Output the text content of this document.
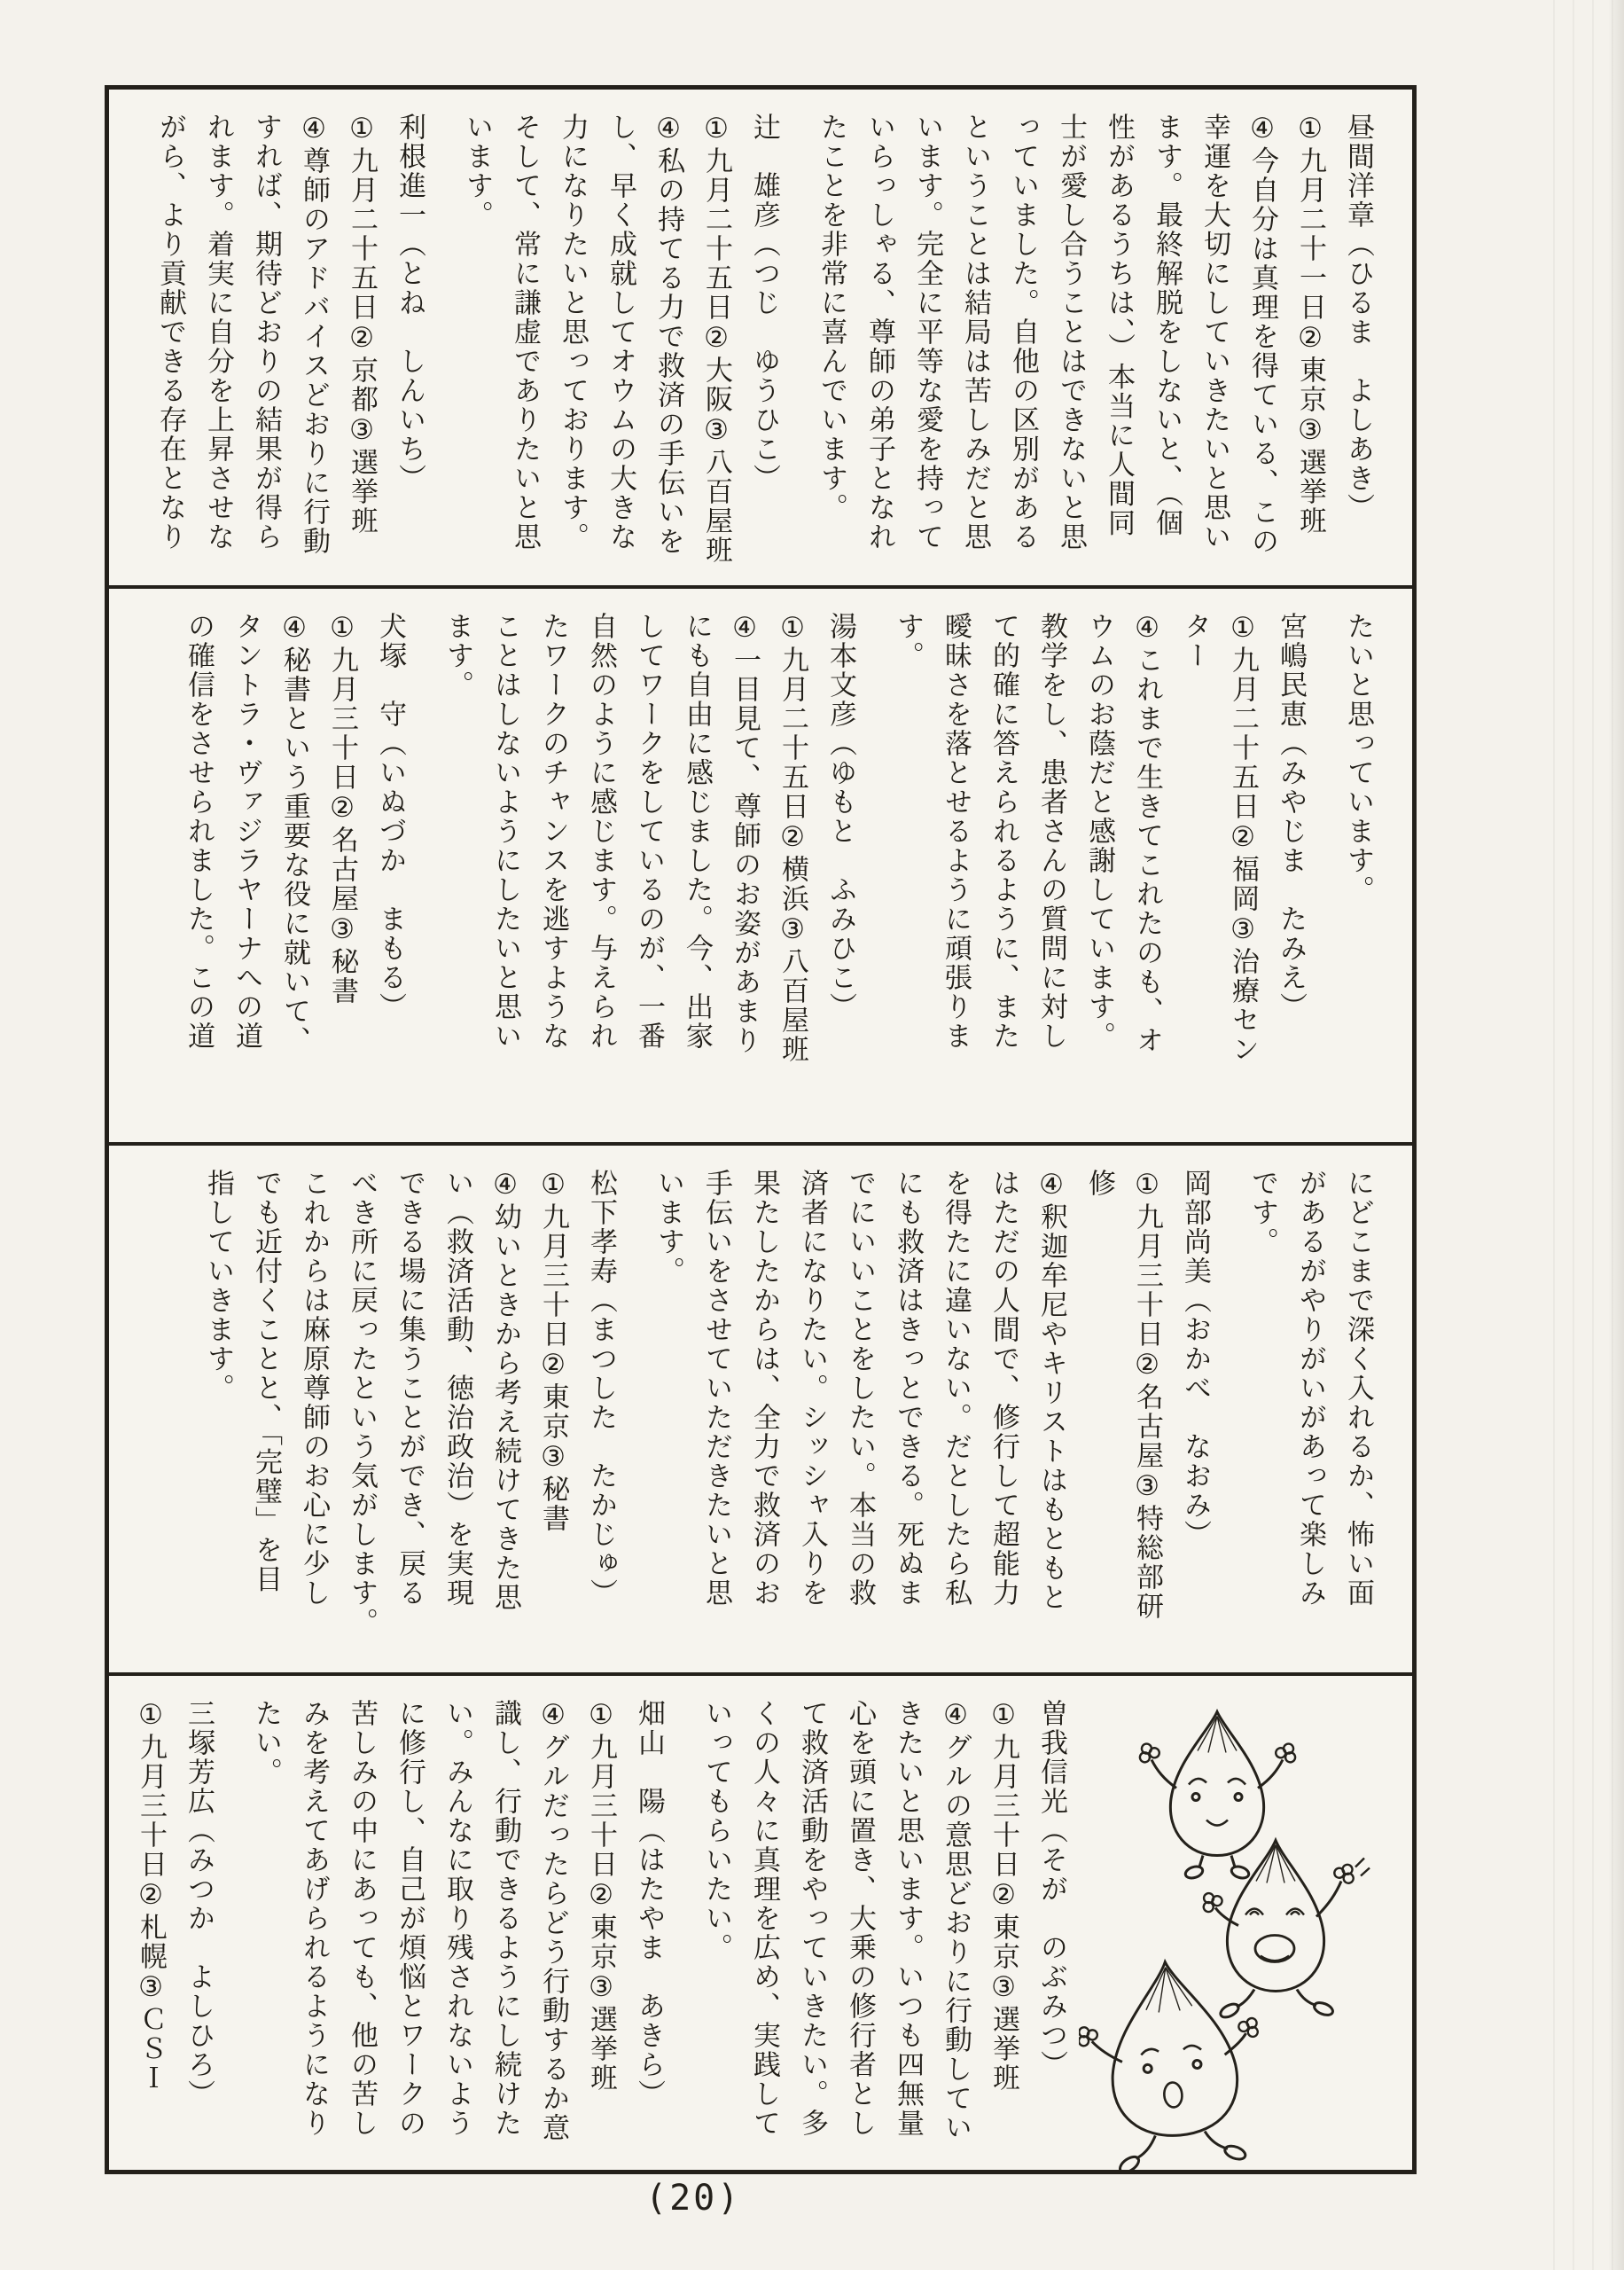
昼間洋章（ひるま　よしあき）
①九月二十一日②東京③選挙班
④今自分は真理を得ている、この
幸運を大切にしていきたいと思い
ます。最終解脱をしないと、（個
性があるうちは、）本当に人間同
士が愛し合うことはできないと思
っていました。自他の区別がある
ということは結局は苦しみだと思
います。完全に平等な愛を持って
いらっしゃる、尊師の弟子となれ
たことを非常に喜んでいます。
辻　雄彦（つじ　ゆうひこ）
①九月二十五日②大阪③八百屋班
④私の持てる力で救済の手伝いを
し、早く成就してオウムの大きな
力になりたいと思っております。
そして、常に謙虚でありたいと思
います。
利根進一（とね　しんいち）
①九月二十五日②京都③選挙班
④尊師のアドバイスどおりに行動
すれば、期待どおりの結果が得ら
れます。着実に自分を上昇させな
がら、より貢献できる存在となり
たいと思っています。
宮嶋民恵（みやじま　たみえ）
①九月二十五日②福岡③治療セン
ター
④これまで生きてこれたのも、オ
ウムのお蔭だと感謝しています。
教学をし、患者さんの質問に対し
て的確に答えられるように、また
曖昧さを落とせるように頑張りま
す。
湯本文彦（ゆもと　ふみひこ）
①九月二十五日②横浜③八百屋班
④一目見て、尊師のお姿があまり
にも自由に感じました。今、出家
してワークをしているのが、一番
自然のように感じます。与えられ
たワークのチャンスを逃すような
ことはしないようにしたいと思い
ます。
犬塚　守（いぬづか　まもる）
①九月三十日②名古屋③秘書
④秘書という重要な役に就いて、
タントラ・ヴァジラヤーナへの道
の確信をさせられました。この道
にどこまで深く入れるか、怖い面
があるがやりがいがあって楽しみ
です。
岡部尚美（おかべ　なおみ）
①九月三十日②名古屋③特総部研
修
④釈迦牟尼やキリストはもともと
はただの人間で、修行して超能力
を得たに違いない。だとしたら私
にも救済はきっとできる。死ぬま
でにいいことをしたい。本当の救
済者になりたい。シッシャ入りを
果たしたからは、全力で救済のお
手伝いをさせていただきたいと思
います。
松下孝寿（まつした　たかじゅ）
①九月三十日②東京③秘書
④幼いときから考え続けてきた思
い（救済活動、徳治政治）を実現
できる場に集うことができ、戻る
べき所に戻ったという気がします。
これからは麻原尊師のお心に少し
でも近付くことと、「完璧」を目
指していきます。
曽我信光（そが　のぶみつ）
①九月三十日②東京③選挙班
④グルの意思どおりに行動してい
きたいと思います。いつも四無量
心を頭に置き、大乗の修行者とし
て救済活動をやっていきたい。多
くの人々に真理を広め、実践して
いってもらいたい。
畑山　陽（はたやま　あきら）
①九月三十日②東京③選挙班
④グルだったらどう行動するか意
識し、行動できるようにし続けた
い。みんなに取り残されないよう
に修行し、自己が煩悩とワークの
苦しみの中にあっても、他の苦し
みを考えてあげられるようになり
たい。
三塚芳広（みつか　よしひろ）
①九月三十日②札幌③ＣＳＩ
(20)
